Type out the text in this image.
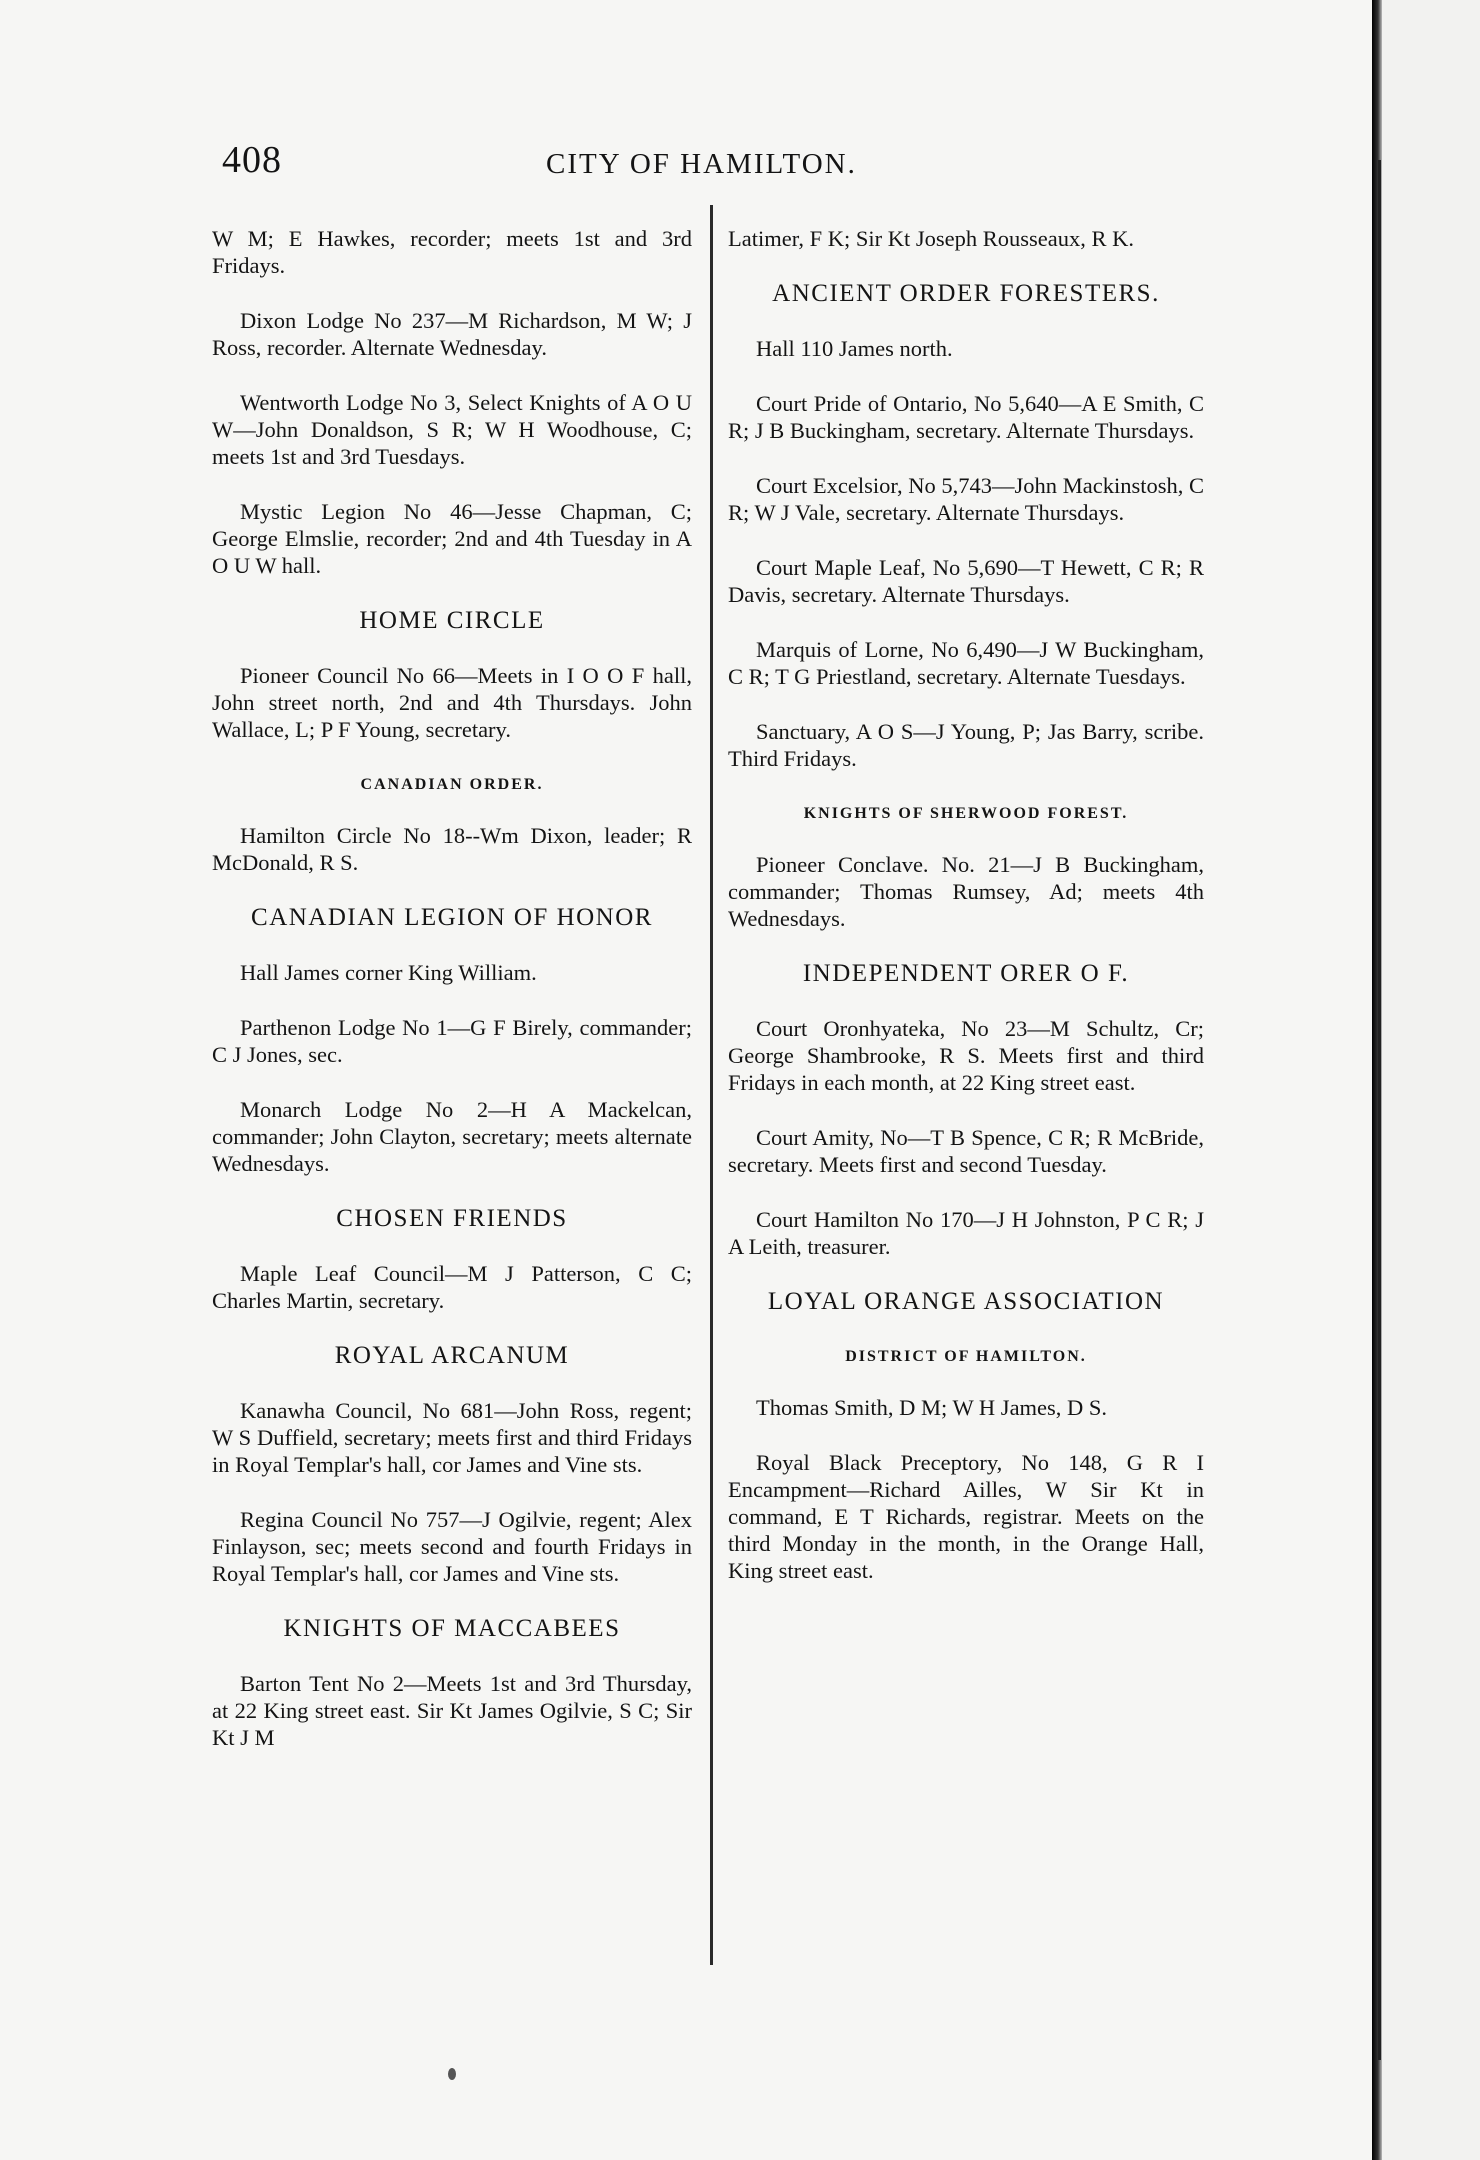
408	CITY OF HAMILTON.
W M; E Hawkes, recorder; meets 1st and 3rd Fridays.
Dixon Lodge No 237—M Richardson, M W; J Ross, recorder. Alternate Wednesday.
Wentworth Lodge No 3, Select Knights of A O U W—John Donaldson, S R; W H Woodhouse, C; meets 1st and 3rd Tuesdays.
Mystic Legion No 46—Jesse Chapman, C; George Elmslie, recorder; 2nd and 4th Tuesday in A O U W hall.
HOME CIRCLE
Pioneer Council No 66—Meets in I O O F hall, John street north, 2nd and 4th Thursdays. John Wallace, L; P F Young, secretary.
CANADIAN ORDER.
Hamilton Circle No 18--Wm Dixon, leader; R McDonald, R S.
CANADIAN LEGION OF HONOR
Hall James corner King William.
Parthenon Lodge No 1—G F Birely, commander; C J Jones, sec.
Monarch Lodge No 2—H A Mackelcan, commander; John Clayton, secretary; meets alternate Wednesdays.
CHOSEN FRIENDS
Maple Leaf Council—M J Patterson, C C; Charles Martin, secretary.
ROYAL ARCANUM
Kanawha Council, No 681—John Ross, regent; W S Duffield, secretary; meets first and third Fridays in Royal Templar's hall, cor James and Vine sts.
Regina Council No 757—J Ogilvie, regent; Alex Finlayson, sec; meets second and fourth Fridays in Royal Templar's hall, cor James and Vine sts.
KNIGHTS OF MACCABEES
Barton Tent No 2—Meets 1st and 3rd Thursday, at 22 King street east. Sir Kt James Ogilvie, S C; Sir Kt J M
Latimer, F K; Sir Kt Joseph Rousseaux, R K.
ANCIENT ORDER FORESTERS.
Hall 110 James north.
Court Pride of Ontario, No 5,640—A E Smith, C R; J B Buckingham, secretary. Alternate Thursdays.
Court Excelsior, No 5,743—John Mackinstosh, C R; W J Vale, secretary. Alternate Thursdays.
Court Maple Leaf, No 5,690—T Hewett, C R; R Davis, secretary. Alternate Thursdays.
Marquis of Lorne, No 6,490—J W Buckingham, C R; T G Priestland, secretary. Alternate Tuesdays.
Sanctuary, A O S—J Young, P; Jas Barry, scribe. Third Fridays.
KNIGHTS OF SHERWOOD FOREST.
Pioneer Conclave. No. 21—J B Buckingham, commander; Thomas Rumsey, Ad; meets 4th Wednesdays.
INDEPENDENT ORER O F.
Court Oronhyateka, No 23—M Schultz, Cr; George Shambrooke, R S. Meets first and third Fridays in each month, at 22 King street east.
Court Amity, No—T B Spence, C R; R McBride, secretary. Meets first and second Tuesday.
Court Hamilton No 170—J H Johnston, P C R; J A Leith, treasurer.
LOYAL ORANGE ASSOCIATION
DISTRICT OF HAMILTON.
Thomas Smith, D M; W H James, D S.
Royal Black Preceptory, No 148, G R I Encampment—Richard Ailles, W Sir Kt in command, E T Richards, registrar. Meets on the third Monday in the month, in the Orange Hall, King street east.
